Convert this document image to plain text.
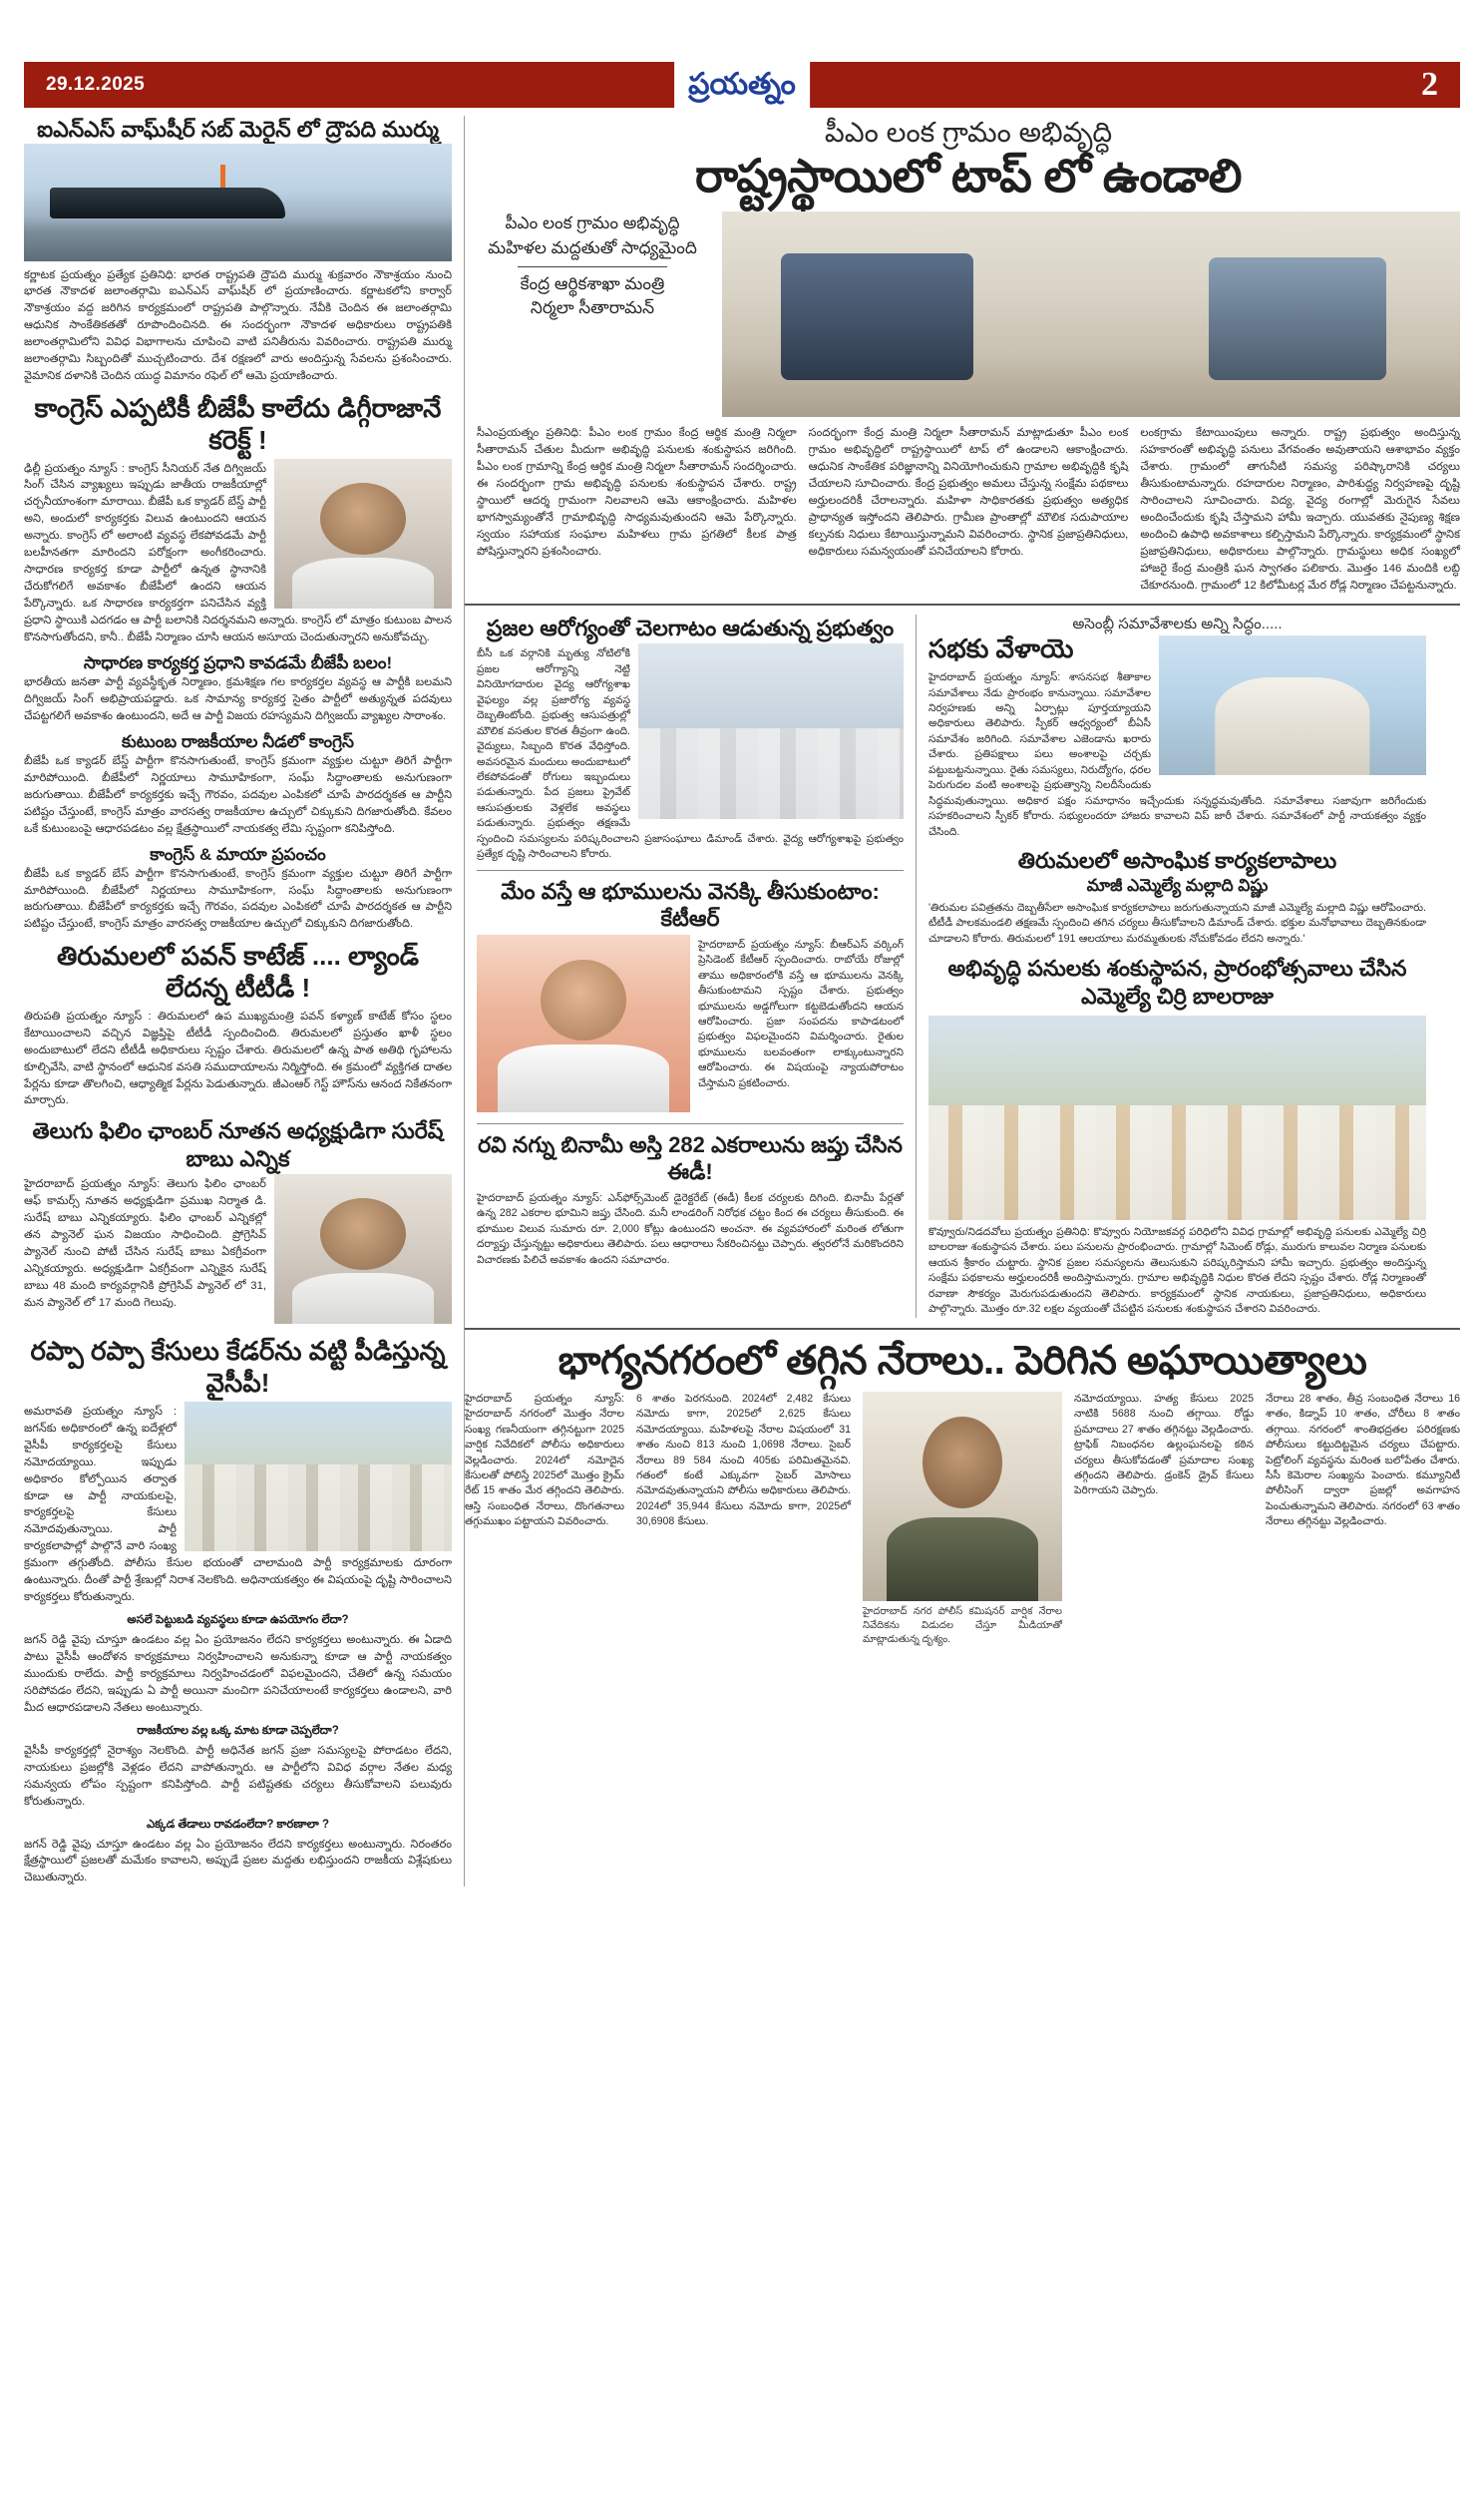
29.12.2025	ప్రయత్నం	2
ఐఎన్ఎస్ వాఘ్‌షీర్ సబ్ మెరైన్ లో ద్రౌపది ముర్ము
కర్ణాటక ప్రయత్నం ప్రత్యేక ప్రతినిధి: భారత రాష్ట్రపతి ద్రౌపది ముర్ము శుక్రవారం నౌకాశ్రయం నుంచి భారత నౌకాదళ జలాంతర్గామి ఐఎన్ఎస్ వాఘ్‌షీర్ లో ప్రయాణించారు. కర్ణాటకలోని కార్వార్ నౌకాశ్రయం వద్ద జరిగిన కార్యక్రమంలో రాష్ట్రపతి పాల్గొన్నారు. నేవీకి చెందిన ఈ జలాంతర్గామి ఆధునిక సాంకేతికతతో రూపొందించినది. ఈ సందర్భంగా నౌకాదళ అధికారులు రాష్ట్రపతికి జలాంతర్గామిలోని వివిధ విభాగాలను చూపించి వాటి పనితీరును వివరించారు. రాష్ట్రపతి ముర్ము జలాంతర్గామి సిబ్బందితో ముచ్చటించారు. దేశ రక్షణలో వారు అందిస్తున్న సేవలను ప్రశంసించారు. వైమానిక దళానికి చెందిన యుద్ధ విమానం రఫెల్ లో ఆమె ప్రయాణించారు.
కాంగ్రెస్ ఎప్పటికీ బీజేపీ కాలేదు డిగ్గీరాజానే కరెక్ట్ !
ఢిల్లీ ప్రయత్నం న్యూస్ : కాంగ్రెస్ సీనియర్ నేత దిగ్విజయ్ సింగ్ చేసిన వ్యాఖ్యలు ఇప్పుడు జాతీయ రాజకీయాల్లో చర్చనీయాంశంగా మారాయి. బీజేపీ ఒక క్యాడర్ బేస్డ్ పార్టీ అని, అందులో కార్యకర్తకు విలువ ఉంటుందని ఆయన అన్నారు. కాంగ్రెస్ లో అలాంటి వ్యవస్థ లేకపోవడమే పార్టీ బలహీనతగా మారిందని పరోక్షంగా అంగీకరించారు. సాధారణ కార్యకర్త కూడా పార్టీలో ఉన్నత స్థానానికి చేరుకోగలిగే అవకాశం బీజేపీలో ఉందని ఆయన పేర్కొన్నారు. ఒక సాధారణ కార్యకర్తగా పనిచేసిన వ్యక్తి ప్రధాని స్థాయికి ఎదగడం ఆ పార్టీ బలానికి నిదర్శనమని అన్నారు. కాంగ్రెస్ లో మాత్రం కుటుంబ పాలన కొనసాగుతోందని, కానీ.. బీజేపీ నిర్మాణం చూసి ఆయన అసూయ చెందుతున్నారని అనుకోవచ్చు.
సాధారణ కార్యకర్త ప్రధాని కావడమే బీజేపీ బలం!
భారతీయ జనతా పార్టీ వ్యవస్థీకృత నిర్మాణం, క్రమశిక్షణ గల కార్యకర్తల వ్యవస్థ ఆ పార్టీకి బలమని దిగ్విజయ్ సింగ్ అభిప్రాయపడ్డారు. ఒక సామాన్య కార్యకర్త సైతం పార్టీలో అత్యున్నత పదవులు చేపట్టగలిగే అవకాశం ఉంటుందని, అదే ఆ పార్టీ విజయ రహస్యమని దిగ్విజయ్ వ్యాఖ్యల సారాంశం.
కుటుంబ రాజకీయాల నీడలో కాంగ్రెస్
బీజేపీ ఒక క్యాడర్ బేస్డ్ పార్టీగా కొనసాగుతుంటే, కాంగ్రెస్ క్రమంగా వ్యక్తుల చుట్టూ తిరిగే పార్టీగా మారిపోయింది. బీజేపీలో నిర్ణయాలు సామూహికంగా, సంఘ్ సిద్ధాంతాలకు అనుగుణంగా జరుగుతాయి. బీజేపీలో కార్యకర్తకు ఇచ్చే గౌరవం, పదవుల ఎంపికలో చూపే పారదర్శకత ఆ పార్టీని పటిష్టం చేస్తుంటే, కాంగ్రెస్ మాత్రం వారసత్వ రాజకీయాల ఉచ్చులో చిక్కుకుని దిగజారుతోంది. కేవలం ఒకే కుటుంబంపై ఆధారపడటం వల్ల క్షేత్రస్థాయిలో నాయకత్వ లేమి స్పష్టంగా కనిపిస్తోంది.
కాంగ్రెస్ & మాయా ప్రపంచం
బీజేపీ ఒక క్యాడర్ బేస్ పార్టీగా కొనసాగుతుంటే, కాంగ్రెస్ క్రమంగా వ్యక్తుల చుట్టూ తిరిగే పార్టీగా మారిపోయింది. బీజేపీలో నిర్ణయాలు సామూహికంగా, సంఘ్ సిద్ధాంతాలకు అనుగుణంగా జరుగుతాయి. బీజేపీలో కార్యకర్తకు ఇచ్చే గౌరవం, పదవుల ఎంపికలో చూపే పారదర్శకత ఆ పార్టీని పటిష్టం చేస్తుంటే, కాంగ్రెస్ మాత్రం వారసత్వ రాజకీయాల ఉచ్చులో చిక్కుకుని దిగజారుతోంది.
తిరుమలలో పవన్ కాటేజ్ .... ల్యాండ్ లేదన్న టీటీడీ !
తిరుపతి ప్రయత్నం న్యూస్ : తిరుమలలో ఉప ముఖ్యమంత్రి పవన్ కళ్యాణ్ కాటేజ్ కోసం స్థలం కేటాయించాలని వచ్చిన విజ్ఞప్తిపై టీటీడీ స్పందించింది. తిరుమలలో ప్రస్తుతం ఖాళీ స్థలం అందుబాటులో లేదని టీటీడీ అధికారులు స్పష్టం చేశారు. తిరుమలలో ఉన్న పాత అతిథి గృహాలను కూల్చివేసి, వాటి స్థానంలో ఆధునిక వసతి సముదాయాలను నిర్మిస్తోంది. ఈ క్రమంలో వ్యక్తిగత దాతల పేర్లను కూడా తొలగించి, ఆధ్యాత్మిక పేర్లను పెడుతున్నారు. జీఎంఆర్ గెస్ట్ హౌస్‌ను ఆనంద నికేతనంగా మార్చారు.
తెలుగు ఫిలిం ఛాంబర్ నూతన అధ్యక్షుడిగా సురేష్ బాబు ఎన్నిక
హైదరాబాద్ ప్రయత్నం న్యూస్: తెలుగు ఫిలిం ఛాంబర్ ఆఫ్ కామర్స్ నూతన అధ్యక్షుడిగా ప్రముఖ నిర్మాత డి. సురేష్ బాబు ఎన్నికయ్యారు. ఫిలిం ఛాంబర్ ఎన్నికల్లో తన ప్యానెల్ ఘన విజయం సాధించింది. ప్రోగ్రెసివ్ ప్యానెల్ నుంచి పోటీ చేసిన సురేష్ బాబు ఏకగ్రీవంగా ఎన్నికయ్యారు. అధ్యక్షుడిగా ఏకగ్రీవంగా ఎన్నికైన సురేష్ బాబు 48 మంది కార్యవర్గానికి ప్రోగ్రెసివ్ ప్యానెల్ లో 31, మన ప్యానెల్ లో 17 మంది గెలుపు.
రప్పా రప్పా కేసులు కేడర్‌ను వట్టి పీడిస్తున్న వైసీపీ!
అమరావతి ప్రయత్నం న్యూస్ : జగన్‌కు అధికారంలో ఉన్న ఐదేళ్లలో వైసీపీ కార్యకర్తలపై కేసులు నమోదయ్యాయి. ఇప్పుడు అధికారం కోల్పోయిన తర్వాత కూడా ఆ పార్టీ నాయకులపై, కార్యకర్తలపై కేసులు నమోదవుతున్నాయి. పార్టీ కార్యకలాపాల్లో పాల్గొనే వారి సంఖ్య క్రమంగా తగ్గుతోంది. పోలీసు కేసుల భయంతో చాలామంది పార్టీ కార్యక్రమాలకు దూరంగా ఉంటున్నారు. దీంతో పార్టీ శ్రేణుల్లో నిరాశ నెలకొంది. అధినాయకత్వం ఈ విషయంపై దృష్టి సారించాలని కార్యకర్తలు కోరుతున్నారు.
అసలే పెట్టుబడి వ్యవస్థలు కూడా ఉపయోగం లేదా?
జగన్ రెడ్డి వైపు చూస్తూ ఉండటం వల్ల ఏం ప్రయోజనం లేదని కార్యకర్తలు అంటున్నారు. ఈ ఏడాది పాటు వైసీపీ ఆందోళన కార్యక్రమాలు నిర్వహించాలని అనుకున్నా కూడా ఆ పార్టీ నాయకత్వం ముందుకు రాలేదు. పార్టీ కార్యక్రమాలు నిర్వహించడంలో విఫలమైందని, చేతిలో ఉన్న సమయం సరిపోవడం లేదని, ఇప్పుడు ఏ పార్టీ అయినా మంచిగా పనిచేయాలంటే కార్యకర్తలు ఉండాలని, వారి మీద ఆధారపడాలని నేతలు అంటున్నారు.
రాజకీయాల వల్ల ఒక్క మాట కూడా చెప్పలేదా?
వైసీపీ కార్యకర్తల్లో నైరాశ్యం నెలకొంది. పార్టీ అధినేత జగన్ ప్రజా సమస్యలపై పోరాడటం లేదని, నాయకులు ప్రజల్లోకి వెళ్లడం లేదని వాపోతున్నారు. ఆ పార్టీలోని వివిధ వర్గాల నేతల మధ్య సమన్వయ లోపం స్పష్టంగా కనిపిస్తోంది. పార్టీ పటిష్టతకు చర్యలు తీసుకోవాలని పలువురు కోరుతున్నారు.
ఎక్కడ తేడాలు రావడంలేదా? కారణాలా ?
జగన్ రెడ్డి వైపు చూస్తూ ఉండటం వల్ల ఏం ప్రయోజనం లేదని కార్యకర్తలు అంటున్నారు. నిరంతరం క్షేత్రస్థాయిలో ప్రజలతో మమేకం కావాలని, అప్పుడే ప్రజల మద్దతు లభిస్తుందని రాజకీయ విశ్లేషకులు చెబుతున్నారు.
పీఎం లంక గ్రామం అభివృద్ధి
రాష్ట్రస్థాయిలో టాప్ లో ఉండాలి
పీఎం లంక గ్రామం అభివృద్ధి
మహిళల మద్దతుతో సాధ్యమైంది
కేంద్ర ఆర్థికశాఖా మంత్రి
నిర్మలా సీతారామన్
సీఎంప్రయత్నం ప్రతినిధి: పీఎం లంక గ్రామం కేంద్ర ఆర్థిక మంత్రి నిర్మలా సీతారామన్ చేతుల మీదుగా అభివృద్ధి పనులకు శంకుస్థాపన జరిగింది. పీఎం లంక గ్రామాన్ని కేంద్ర ఆర్థిక మంత్రి నిర్మలా సీతారామన్ సందర్శించారు. ఈ సందర్భంగా గ్రామ అభివృద్ధి పనులకు శంకుస్థాపన చేశారు. రాష్ట్ర స్థాయిలో ఆదర్శ గ్రామంగా నిలవాలని ఆమె ఆకాంక్షించారు. మహిళల భాగస్వామ్యంతోనే గ్రామాభివృద్ధి సాధ్యమవుతుందని ఆమె పేర్కొన్నారు. స్వయం సహాయక సంఘాల మహిళలు గ్రామ ప్రగతిలో కీలక పాత్ర పోషిస్తున్నారని ప్రశంసించారు.
సందర్భంగా కేంద్ర మంత్రి నిర్మలా సీతారామన్ మాట్లాడుతూ పీఎం లంక గ్రామం అభివృద్ధిలో రాష్ట్రస్థాయిలో టాప్ లో ఉండాలని ఆకాంక్షించారు. ఆధునిక సాంకేతిక పరిజ్ఞానాన్ని వినియోగించుకుని గ్రామాల అభివృద్ధికి కృషి చేయాలని సూచించారు. కేంద్ర ప్రభుత్వం అమలు చేస్తున్న సంక్షేమ పథకాలు అర్హులందరికీ చేరాలన్నారు. మహిళా సాధికారతకు ప్రభుత్వం అత్యధిక ప్రాధాన్యత ఇస్తోందని తెలిపారు. గ్రామీణ ప్రాంతాల్లో మౌలిక సదుపాయాల కల్పనకు నిధులు కేటాయిస్తున్నామని వివరించారు. స్థానిక ప్రజాప్రతినిధులు, అధికారులు సమన్వయంతో పనిచేయాలని కోరారు.
లంకగ్రామ కేటాయింపులు అన్నారు. రాష్ట్ర ప్రభుత్వం అందిస్తున్న సహకారంతో అభివృద్ధి పనులు వేగవంతం అవుతాయని ఆశాభావం వ్యక్తం చేశారు. గ్రామంలో తాగునీటి సమస్య పరిష్కారానికి చర్యలు తీసుకుంటామన్నారు. రహదారుల నిర్మాణం, పారిశుద్ధ్య నిర్వహణపై దృష్టి సారించాలని సూచించారు. విద్య, వైద్య రంగాల్లో మెరుగైన సేవలు అందించేందుకు కృషి చేస్తామని హామీ ఇచ్చారు. యువతకు నైపుణ్య శిక్షణ అందించి ఉపాధి అవకాశాలు కల్పిస్తామని పేర్కొన్నారు. కార్యక్రమంలో స్థానిక ప్రజాప్రతినిధులు, అధికారులు పాల్గొన్నారు. గ్రామస్థులు అధిక సంఖ్యలో హాజరై కేంద్ర మంత్రికి ఘన స్వాగతం పలికారు. మొత్తం 146 మందికి లబ్ధి చేకూరనుంది. గ్రామంలో 12 కిలోమీటర్ల మేర రోడ్ల నిర్మాణం చేపట్టనున్నారు.
ప్రజల ఆరోగ్యంతో చెలగాటం ఆడుతున్న ప్రభుత్వం
బీసీ ఒక వర్గానికి మృత్యు నోటిలోకి ప్రజల ఆరోగ్యాన్ని నెట్టి వినియోగదారుల వైద్య ఆరోగ్యశాఖ వైఫల్యం వల్ల ప్రజారోగ్య వ్యవస్థ దెబ్బతింటోంది. ప్రభుత్వ ఆసుపత్రుల్లో మౌలిక వసతుల కొరత తీవ్రంగా ఉంది. వైద్యులు, సిబ్బంది కొరత వేధిస్తోంది. అవసరమైన మందులు అందుబాటులో లేకపోవడంతో రోగులు ఇబ్బందులు పడుతున్నారు. పేద ప్రజలు ప్రైవేట్ ఆసుపత్రులకు వెళ్లలేక అవస్థలు పడుతున్నారు. ప్రభుత్వం తక్షణమే స్పందించి సమస్యలను పరిష్కరించాలని ప్రజాసంఘాలు డిమాండ్ చేశారు. వైద్య ఆరోగ్యశాఖపై ప్రభుత్వం ప్రత్యేక దృష్టి సారించాలని కోరారు.
మేం వస్తే ఆ భూములను వెనక్కి తీసుకుంటాం: కేటీఆర్
హైదరాబాద్ ప్రయత్నం న్యూస్: బీఆర్ఎస్ వర్కింగ్ ప్రెసిడెంట్ కేటీఆర్ స్పందించారు. రాబోయే రోజుల్లో తాము అధికారంలోకి వస్తే ఆ భూములను వెనక్కి తీసుకుంటామని స్పష్టం చేశారు. ప్రభుత్వం భూములను అడ్డగోలుగా కట్టబెడుతోందని ఆయన ఆరోపించారు. ప్రజా సంపదను కాపాడటంలో ప్రభుత్వం విఫలమైందని విమర్శించారు. రైతుల భూములను బలవంతంగా లాక్కుంటున్నారని ఆరోపించారు. ఈ విషయంపై న్యాయపోరాటం చేస్తామని ప్రకటించారు.
రవి నగ్ను బినామీ అస్తి 282 ఎకరాలును జప్తు చేసిన ఈడీ!
హైదరాబాద్ ప్రయత్నం న్యూస్: ఎన్‌ఫోర్స్‌మెంట్ డైరెక్టరేట్ (ఈడీ) కీలక చర్యలకు దిగింది. బినామీ పేర్లతో ఉన్న 282 ఎకరాల భూమిని జప్తు చేసింది. మనీ లాండరింగ్ నిరోధక చట్టం కింద ఈ చర్యలు తీసుకుంది. ఈ భూముల విలువ సుమారు రూ. 2,000 కోట్లు ఉంటుందని అంచనా. ఈ వ్యవహారంలో మరింత లోతుగా దర్యాప్తు చేస్తున్నట్టు అధికారులు తెలిపారు. పలు ఆధారాలు సేకరించినట్టు చెప్పారు. త్వరలోనే మరికొందరిని విచారణకు పిలిచే అవకాశం ఉందని సమాచారం.
అసెంబ్లీ సమావేశాలకు అన్ని సిద్ధం.....
సభకు వేళాయె
హైదరాబాద్ ప్రయత్నం న్యూస్: శాసనసభ శీతాకాల సమావేశాలు నేడు ప్రారంభం కానున్నాయి. సమావేశాల నిర్వహణకు అన్ని ఏర్పాట్లు పూర్తయ్యాయని అధికారులు తెలిపారు. స్పీకర్ ఆధ్వర్యంలో బీఏసీ సమావేశం జరిగింది. సమావేశాల ఎజెండాను ఖరారు చేశారు. ప్రతిపక్షాలు పలు అంశాలపై చర్చకు పట్టుబట్టనున్నాయి. రైతు సమస్యలు, నిరుద్యోగం, ధరల పెరుగుదల వంటి అంశాలపై ప్రభుత్వాన్ని నిలదీసేందుకు సిద్ధమవుతున్నాయి. అధికార పక్షం సమాధానం ఇచ్చేందుకు సన్నద్ధమవుతోంది. సమావేశాలు సజావుగా జరిగేందుకు సహకరించాలని స్పీకర్ కోరారు. సభ్యులందరూ హాజరు కావాలని విప్ జారీ చేశారు. సమావేశంలో పార్టీ నాయకత్వం వ్యక్తం చేసింది.
తిరుమలలో అసాంఘిక కార్యకలాపాలు
మాజీ ఎమ్మెల్యే మల్లాది విష్ణు
'తిరుమల పవిత్రతను దెబ్బతీసేలా అసాంఘిక కార్యకలాపాలు జరుగుతున్నాయని మాజీ ఎమ్మెల్యే మల్లాది విష్ణు ఆరోపించారు. టీటీడీ పాలకమండలి తక్షణమే స్పందించి తగిన చర్యలు తీసుకోవాలని డిమాండ్ చేశారు. భక్తుల మనోభావాలు దెబ్బతినకుండా చూడాలని కోరారు. తిరుమలలో 191 ఆలయాలు మరమ్మతులకు నోచుకోవడం లేదని అన్నారు.'
అభివృద్ధి పనులకు శంకుస్థాపన, ప్రారంభోత్సవాలు చేసిన ఎమ్మెల్యే చిర్రి బాలరాజు
కొవ్వూరు/నిడదవోలు ప్రయత్నం ప్రతినిధి: కొవ్వూరు నియోజకవర్గ పరిధిలోని వివిధ గ్రామాల్లో అభివృద్ధి పనులకు ఎమ్మెల్యే చిర్రి బాలరాజు శంకుస్థాపన చేశారు. పలు పనులను ప్రారంభించారు. గ్రామాల్లో సిమెంట్ రోడ్లు, మురుగు కాలువల నిర్మాణ పనులకు ఆయన శ్రీకారం చుట్టారు. స్థానిక ప్రజల సమస్యలను తెలుసుకుని పరిష్కరిస్తామని హామీ ఇచ్చారు. ప్రభుత్వం అందిస్తున్న సంక్షేమ పథకాలను అర్హులందరికీ అందిస్తామన్నారు. గ్రామాల అభివృద్ధికి నిధుల కొరత లేదని స్పష్టం చేశారు. రోడ్ల నిర్మాణంతో రవాణా సౌకర్యం మెరుగుపడుతుందని తెలిపారు. కార్యక్రమంలో స్థానిక నాయకులు, ప్రజాప్రతినిధులు, అధికారులు పాల్గొన్నారు. మొత్తం రూ.32 లక్షల వ్యయంతో చేపట్టిన పనులకు శంకుస్థాపన చేశారని వివరించారు.
భాగ్యనగరంలో తగ్గిన నేరాలు.. పెరిగిన అఘాయిత్యాలు
హైదరాబాద్ ప్రయత్నం న్యూస్: హైదరాబాద్ నగరంలో మొత్తం నేరాల సంఖ్య గణనీయంగా తగ్గినట్టుగా 2025 వార్షిక నివేదికలో పోలీసు అధికారులు వెల్లడించారు. 2024లో నమోదైన కేసులతో పోలిస్తే 2025లో మొత్తం క్రైమ్ రేట్ 15 శాతం మేర తగ్గిందని తెలిపారు. ఆస్తి సంబంధిత నేరాలు, దొంగతనాలు తగ్గుముఖం పట్టాయని వివరించారు.
6 శాతం పెరగనుంది. 2024లో 2,482 కేసులు నమోదు కాగా, 2025లో 2,625 కేసులు నమోదయ్యాయి. మహిళలపై నేరాల విషయంలో 31 శాతం నుంచి 813 నుంచి 1,0698 నేరాలు. సైబర్ నేరాలు 89 584 నుంచి 405కు పరిమితమైనవి. గతంలో కంటే ఎక్కువగా సైబర్ మోసాలు నమోదవుతున్నాయని పోలీసు అధికారులు తెలిపారు. 2024లో 35,944 కేసులు నమోదు కాగా, 2025లో 30,6908 కేసులు.
హైదరాబాద్ నగర పోలీస్ కమిషనర్ వార్షిక నేరాల నివేదికను విడుదల చేస్తూ మీడియాతో మాట్లాడుతున్న దృశ్యం.
నమోదయ్యాయి. హత్య కేసులు 2025 నాటికి 5688 నుంచి తగ్గాయి. రోడ్డు ప్రమాదాలు 27 శాతం తగ్గినట్టు వెల్లడించారు. ట్రాఫిక్ నిబంధనల ఉల్లంఘనలపై కఠిన చర్యలు తీసుకోవడంతో ప్రమాదాల సంఖ్య తగ్గిందని తెలిపారు. డ్రంకెన్ డ్రైవ్ కేసులు పెరిగాయని చెప్పారు.
నేరాలు 28 శాతం, తీవ్ర సంబంధిత నేరాలు 16 శాతం, కిడ్నాప్ 10 శాతం, చోరీలు 8 శాతం తగ్గాయి. నగరంలో శాంతిభద్రతల పరిరక్షణకు పోలీసులు కట్టుదిట్టమైన చర్యలు చేపట్టారు. పెట్రోలింగ్ వ్యవస్థను మరింత బలోపేతం చేశారు. సీసీ కెమెరాల సంఖ్యను పెంచారు. కమ్యూనిటీ పోలీసింగ్ ద్వారా ప్రజల్లో అవగాహన పెంచుతున్నామని తెలిపారు. నగరంలో 63 శాతం నేరాలు తగ్గినట్టు వెల్లడించారు.
